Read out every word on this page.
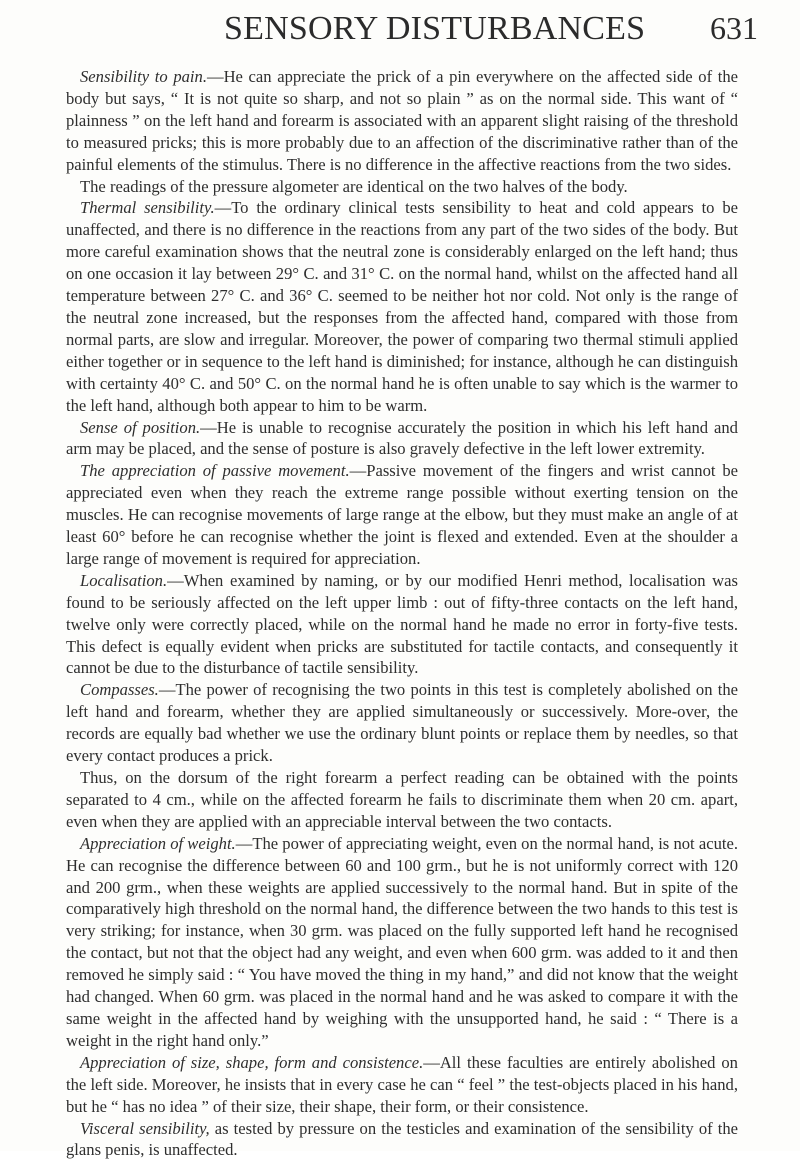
SENSORY DISTURBANCES 631

Sensibility to pain.—He can appreciate the prick of a pin everywhere on the affected side of the body but says, “ It is not quite so sharp, and not so plain ” as on the normal side. This want of “ plainness ” on the left hand and forearm is associated with an apparent slight raising of the threshold to measured pricks; this is more probably due to an affection of the discriminative rather than of the painful elements of the stimulus. There is no difference in the affective reactions from the two sides.

The readings of the pressure algometer are identical on the two halves of the body.

Thermal sensibility.—To the ordinary clinical tests sensibility to heat and cold appears to be unaffected, and there is no difference in the reactions from any part of the two sides of the body. But more careful examination shows that the neutral zone is considerably enlarged on the left hand; thus on one occasion it lay between 29° C. and 31° C. on the normal hand, whilst on the affected hand all temperature between 27° C. and 36° C. seemed to be neither hot nor cold. Not only is the range of the neutral zone increased, but the responses from the affected hand, compared with those from normal parts, are slow and irregular. Moreover, the power of comparing two thermal stimuli applied either together or in sequence to the left hand is diminished; for instance, although he can distinguish with certainty 40° C. and 50° C. on the normal hand he is often unable to say which is the warmer to the left hand, although both appear to him to be warm.

Sense of position.—He is unable to recognise accurately the position in which his left hand and arm may be placed, and the sense of posture is also gravely defective in the left lower extremity.

The appreciation of passive movement.—Passive movement of the fingers and wrist cannot be appreciated even when they reach the extreme range possible without exerting tension on the muscles. He can recognise movements of large range at the elbow, but they must make an angle of at least 60° before he can recognise whether the joint is flexed and extended. Even at the shoulder a large range of movement is required for appreciation.

Localisation.—When examined by naming, or by our modified Henri method, localisation was found to be seriously affected on the left upper limb : out of fifty-three contacts on the left hand, twelve only were correctly placed, while on the normal hand he made no error in forty-five tests. This defect is equally evident when pricks are substituted for tactile contacts, and consequently it cannot be due to the disturbance of tactile sensibility.

Compasses.—The power of recognising the two points in this test is completely abolished on the left hand and forearm, whether they are applied simultaneously or successively. More-over, the records are equally bad whether we use the ordinary blunt points or replace them by needles, so that every contact produces a prick.

Thus, on the dorsum of the right forearm a perfect reading can be obtained with the points separated to 4 cm., while on the affected forearm he fails to discriminate them when 20 cm. apart, even when they are applied with an appreciable interval between the two contacts.

Appreciation of weight.—The power of appreciating weight, even on the normal hand, is not acute. He can recognise the difference between 60 and 100 grm., but he is not uniformly correct with 120 and 200 grm., when these weights are applied successively to the normal hand. But in spite of the comparatively high threshold on the normal hand, the difference between the two hands to this test is very striking; for instance, when 30 grm. was placed on the fully supported left hand he recognised the contact, but not that the object had any weight, and even when 600 grm. was added to it and then removed he simply said : “ You have moved the thing in my hand,” and did not know that the weight had changed. When 60 grm. was placed in the normal hand and he was asked to compare it with the same weight in the affected hand by weighing with the unsupported hand, he said : “ There is a weight in the right hand only.”

Appreciation of size, shape, form and consistence.—All these faculties are entirely abolished on the left side. Moreover, he insists that in every case he can “ feel ” the test-objects placed in his hand, but he “ has no idea ” of their size, their shape, their form, or their consistence.

Visceral sensibility, as tested by pressure on the testicles and examination of the sensibility of the glans penis, is unaffected.
